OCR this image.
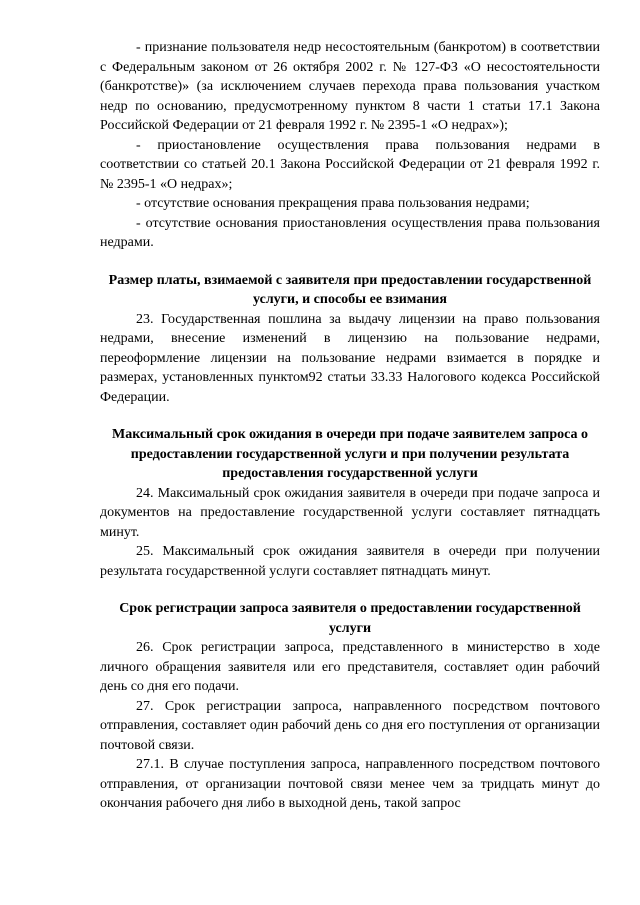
- признание пользователя недр несостоятельным (банкротом) в соответствии с Федеральным законом от 26 октября 2002 г. № 127-ФЗ «О несостоятельности (банкротстве)» (за исключением случаев перехода права пользования участком недр по основанию, предусмотренному пунктом 8 части 1 статьи 17.1 Закона Российской Федерации от 21 февраля 1992 г. № 2395-1 «О недрах»);

- приостановление осуществления права пользования недрами в соответствии со статьей 20.1 Закона Российской Федерации от 21 февраля 1992 г. № 2395-1 «О недрах»;

- отсутствие основания прекращения права пользования недрами;

- отсутствие основания приостановления осуществления права пользования недрами.

Размер платы, взимаемой с заявителя при предоставлении государственной услуги, и способы ее взимания

23. Государственная пошлина за выдачу лицензии на право пользования недрами, внесение изменений в лицензию на пользование недрами, переоформление лицензии на пользование недрами взимается в порядке и размерах, установленных пунктом92 статьи 33.33 Налогового кодекса Российской Федерации.

Максимальный срок ожидания в очереди при подаче заявителем запроса о предоставлении государственной услуги и при получении результата предоставления государственной услуги

24. Максимальный срок ожидания заявителя в очереди при подаче запроса и документов на предоставление государственной услуги составляет пятнадцать минут.

25. Максимальный срок ожидания заявителя в очереди при получении результата государственной услуги составляет пятнадцать минут.

Срок регистрации запроса заявителя о предоставлении государственной услуги

26. Срок регистрации запроса, представленного в министерство в ходе личного обращения заявителя или его представителя, составляет один рабочий день со дня его подачи.

27. Срок регистрации запроса, направленного посредством почтового отправления, составляет один рабочий день со дня его поступления от организации почтовой связи.

27.1. В случае поступления запроса, направленного посредством почтового отправления, от организации почтовой связи менее чем за тридцать минут до окончания рабочего дня либо в выходной день, такой запрос
